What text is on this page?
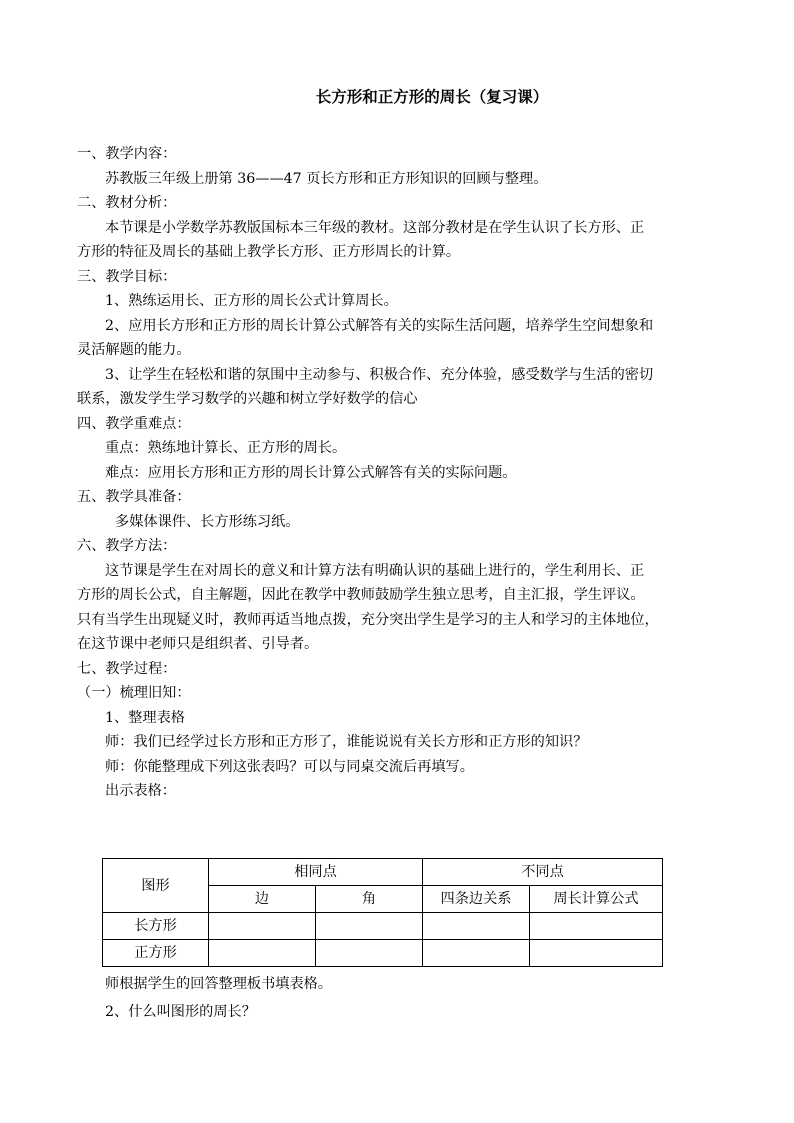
长方形和正方形的周长（复习课）
一、教学内容：
苏教版三年级上册第 36——47 页长方形和正方形知识的回顾与整理。
二、教材分析：
本节课是小学数学苏教版国标本三年级的教材。这部分教材是在学生认识了长方形、正
方形的特征及周长的基础上教学长方形、正方形周长的计算。
三、教学目标：
1、熟练运用长、正方形的周长公式计算周长。
2、应用长方形和正方形的周长计算公式解答有关的实际生活问题，培养学生空间想象和
灵活解题的能力。
3、让学生在轻松和谐的氛围中主动参与、积极合作、充分体验，感受数学与生活的密切
联系，激发学生学习数学的兴趣和树立学好数学的信心
四、教学重难点：
重点：熟练地计算长、正方形的周长。
难点：应用长方形和正方形的周长计算公式解答有关的实际问题。
五、教学具准备：
多媒体课件、长方形练习纸。
六、教学方法：
这节课是学生在对周长的意义和计算方法有明确认识的基础上进行的，学生利用长、正
方形的周长公式，自主解题，因此在教学中教师鼓励学生独立思考，自主汇报，学生评议。
只有当学生出现疑义时，教师再适当地点拨，充分突出学生是学习的主人和学习的主体地位，
在这节课中老师只是组织者、引导者。
七、教学过程：
（一）梳理旧知：
1、整理表格
师：我们已经学过长方形和正方形了，谁能说说有关长方形和正方形的知识？
师：你能整理成下列这张表吗？可以与同桌交流后再填写。
出示表格：
图形	相同点		不同点	
	边	角	四条边关系	周长计算公式
长方形				
正方形				
师根据学生的回答整理板书填表格。
2、什么叫图形的周长？
